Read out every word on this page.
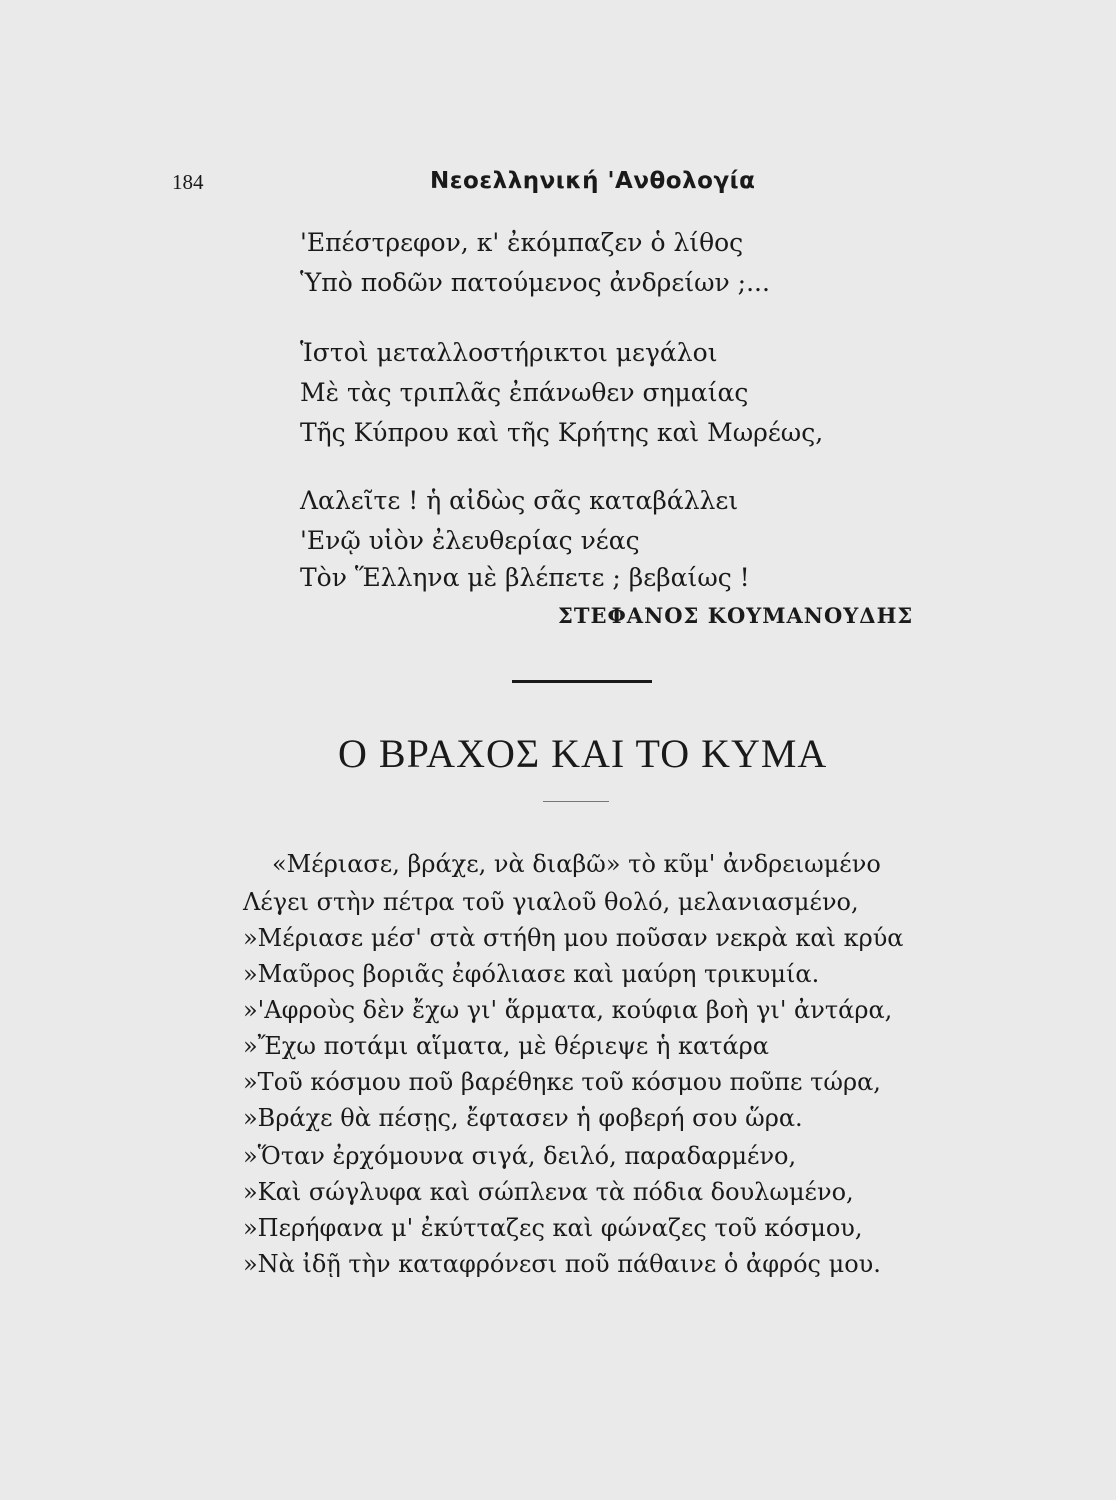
184	Νεοελληνική 'Ανθολογία
'Επέστρεφον, κ' ἐκόμπαζεν ὁ λίθος
Ὑπὸ ποδῶν πατούμενος ἀνδρείων ;...
Ἱστοὶ μεταλλοστήρικτοι μεγάλοι
Μὲ τὰς τριπλᾶς ἐπάνωθεν σημαίας
Τῆς Κύπρου καὶ τῆς Κρήτης καὶ Μωρέως,
Λαλεῖτε ! ἡ αἰδὼς σᾶς καταβάλλει
'Ενῷ υἱὸν ἐλευθερίας νέας
Τὸν Ἕλληνα μὲ βλέπετε ; βεβαίως !
ΣΤΕΦΑΝΟΣ ΚΟΥΜΑΝΟΥΔΗΣ
Ο ΒΡΑΧΟΣ ΚΑΙ ΤΟ ΚΥΜΑ
«Μέριασε, βράχε, νὰ διαβῶ» τὸ κῦμ' ἀνδρειωμένο
Λέγει στὴν πέτρα τοῦ γιαλοῦ θολό, μελανιασμένο,
»Μέριασε μέσ' στὰ στήθη μου ποῦσαν νεκρὰ καὶ κρύα
»Μαῦρος βοριᾶς ἐφόλιασε καὶ μαύρη τρικυμία.
»'Αφροὺς δὲν ἔχω γι' ἅρματα, κούφια βοὴ γι' ἀντάρα,
»Ἔχω ποτάμι αἵματα, μὲ θέριεψε ἡ κατάρα
»Τοῦ κόσμου ποῦ βαρέθηκε τοῦ κόσμου ποῦπε τώρα,
»Βράχε θὰ πέσῃς, ἔφτασεν ἡ φοβερή σου ὥρα.
»Ὅταν ἐρχόμουνα σιγά, δειλό, παραδαρμένο,
»Καὶ σώγλυφα καὶ σώπλενα τὰ πόδια δουλωμένο,
»Περήφανα μ' ἐκύτταζες καὶ φώναζες τοῦ κόσμου,
»Νὰ ἰδῇ τὴν καταφρόνεσι ποῦ πάθαινε ὁ ἀφρός μου.
